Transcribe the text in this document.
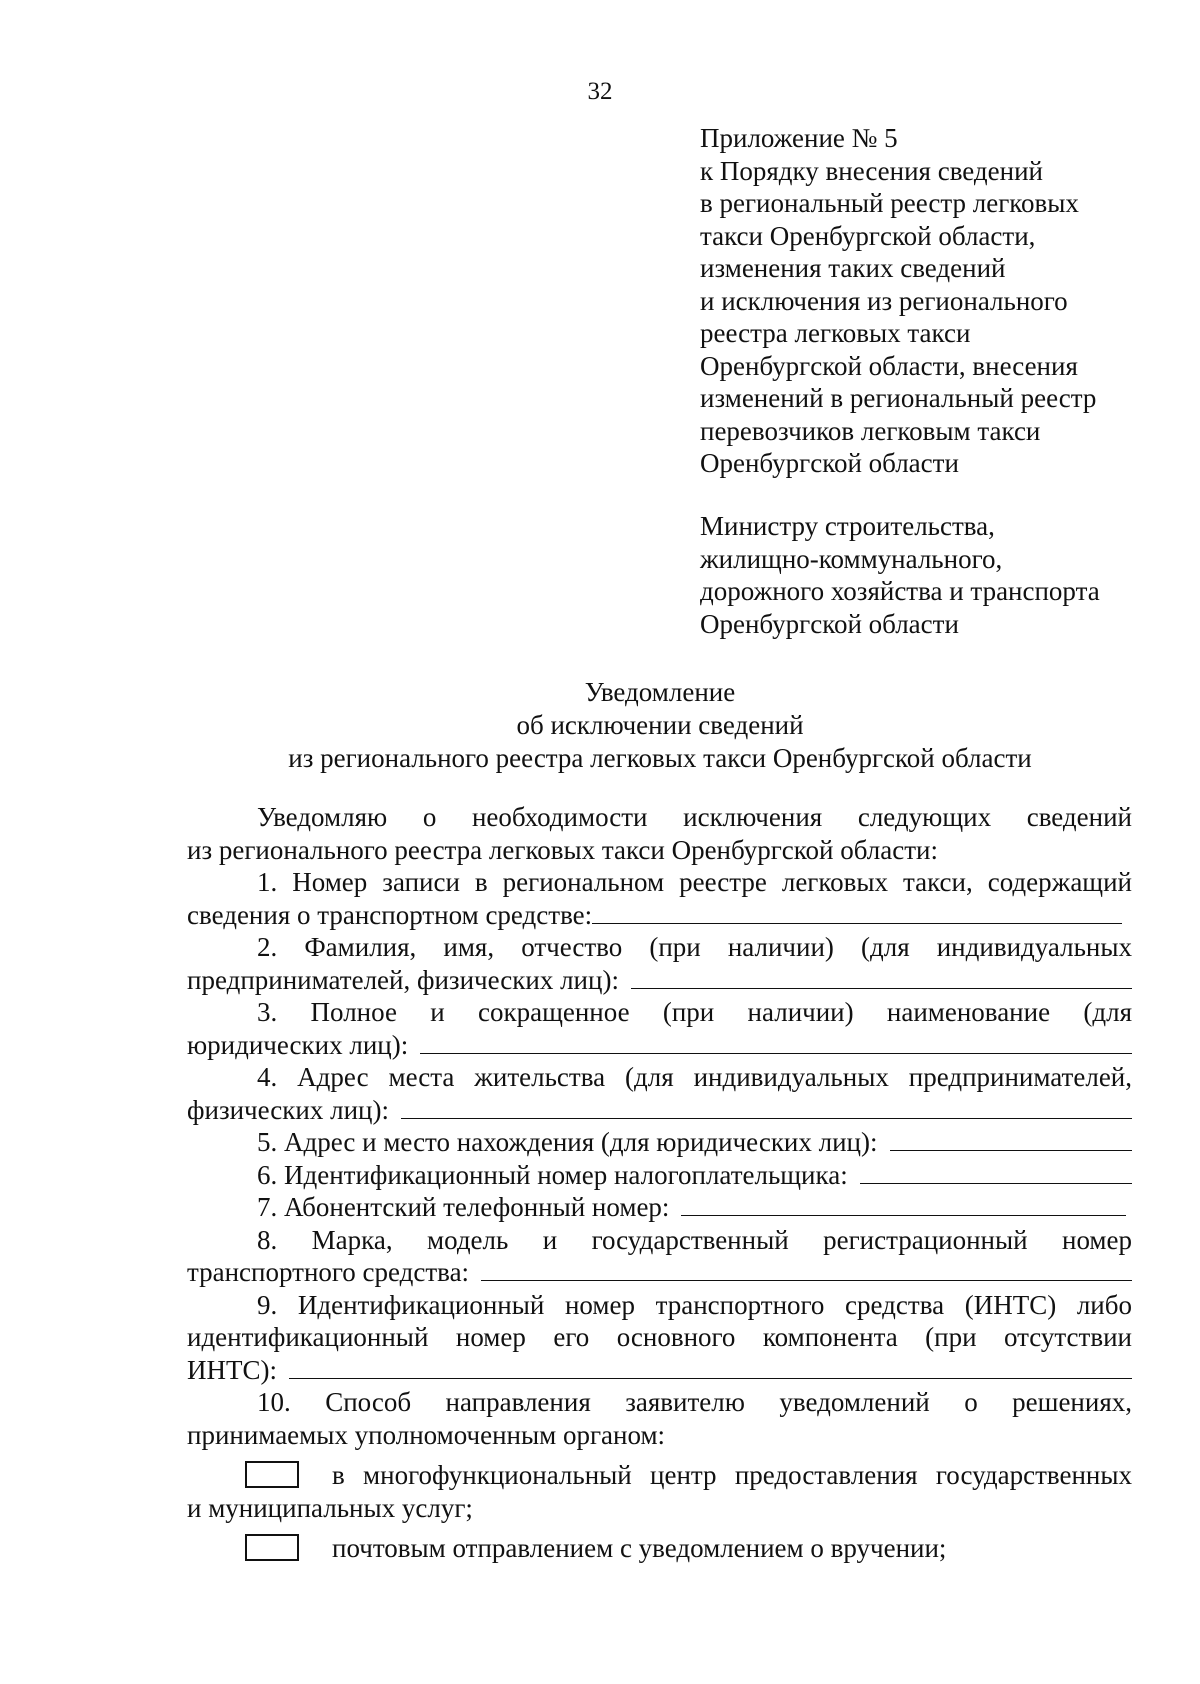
32
Приложение № 5
к Порядку внесения сведений
в региональный реестр легковых
такси Оренбургской области,
изменения таких сведений
и исключения из регионального
реестра легковых такси
Оренбургской области, внесения
изменений в региональный реестр
перевозчиков легковым такси
Оренбургской области
Министру строительства,
жилищно-коммунального,
дорожного хозяйства и транспорта
Оренбургской области
Уведомление
об исключении сведений
из регионального реестра легковых такси Оренбургской области
Уведомляю о необходимости исключения следующих сведений
из регионального реестра легковых такси Оренбургской области:
1. Номер записи в региональном реестре легковых такси, содержащий
сведения о транспортном средстве:
2. Фамилия, имя, отчество (при наличии) (для индивидуальных
предпринимателей, физических лиц):
3. Полное и сокращенное (при наличии) наименование (для
юридических лиц):
4. Адрес места жительства (для индивидуальных предпринимателей,
физических лиц):
5. Адрес и место нахождения (для юридических лиц):
6. Идентификационный номер налогоплательщика:
7. Абонентский телефонный номер:
8. Марка, модель и государственный регистрационный номер
транспортного средства:
9. Идентификационный номер транспортного средства (ИНТС) либо
идентификационный номер его основного компонента (при отсутствии
ИНТС):
10. Способ направления заявителю уведомлений о решениях,
принимаемых уполномоченным органом:
в многофункциональный центр предоставления государственных
и муниципальных услуг;
почтовым отправлением с уведомлением о вручении;
